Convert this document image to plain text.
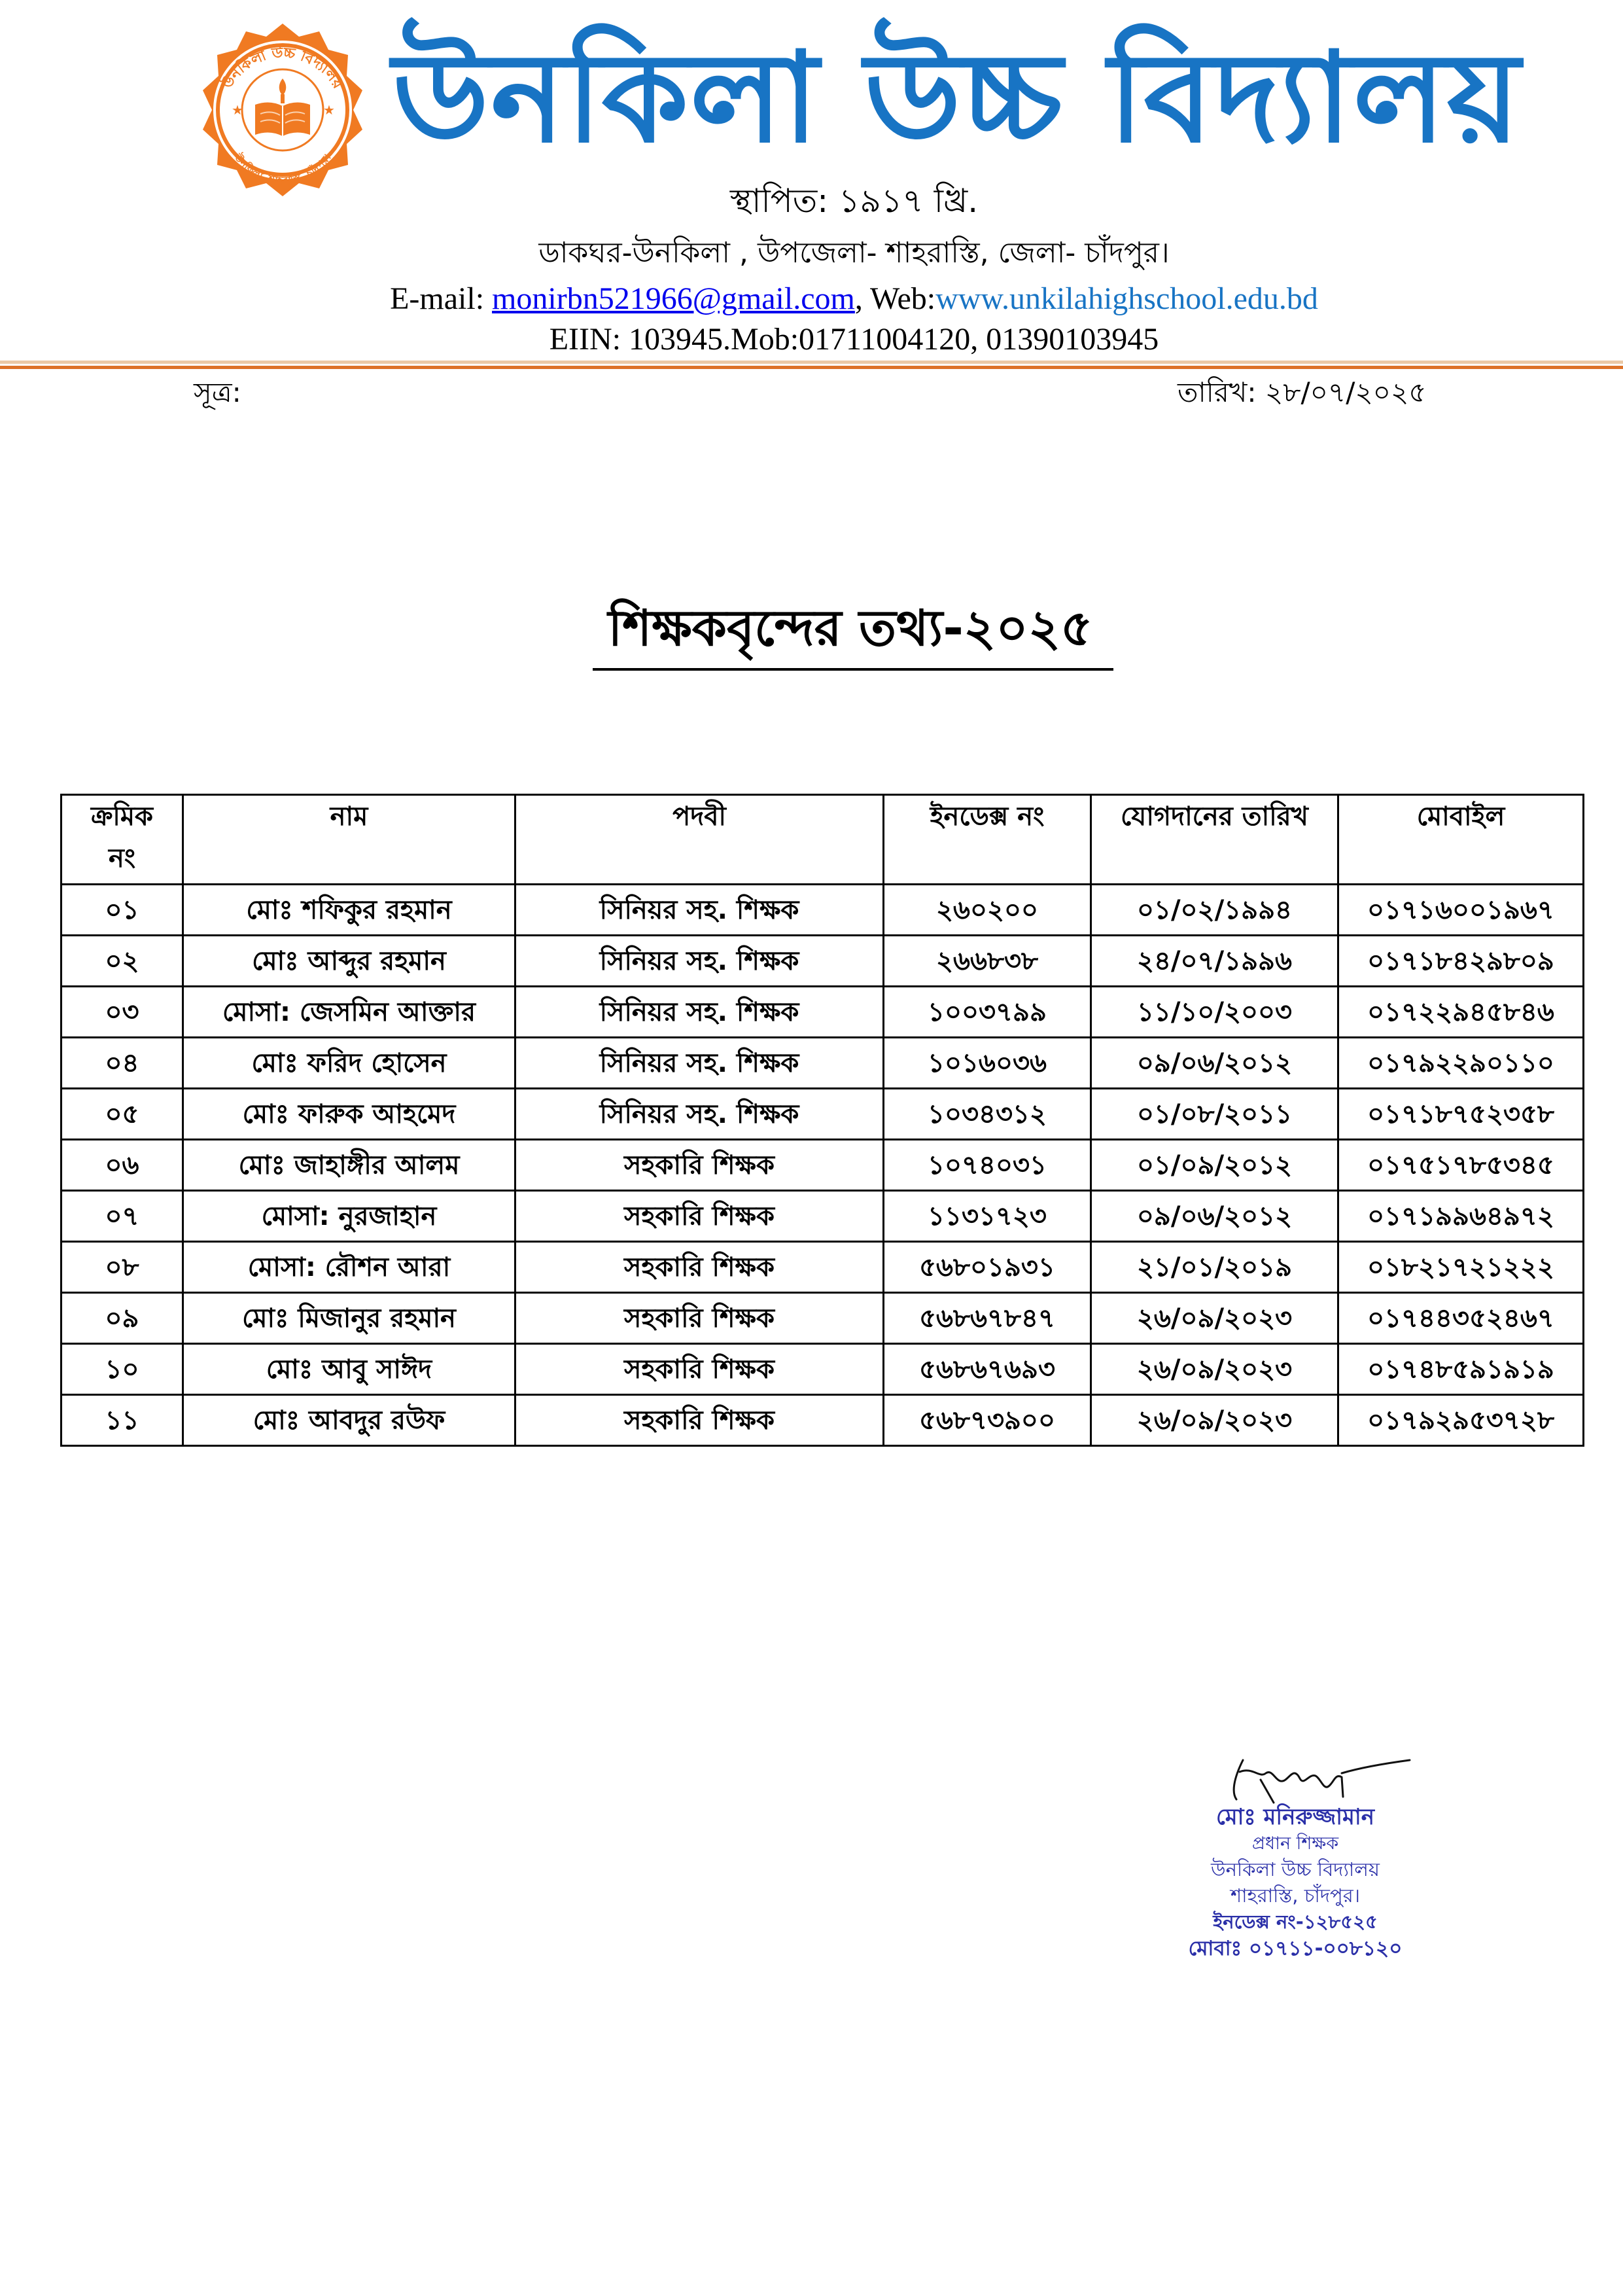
উনকিলা উচ্চ বিদ্যালয়
উনকিলা, শাহরাস্তি, চাঁদপুর।
★	★ উনকিলা উচ্চ বিদ্যালয়
স্থাপিত: ১৯১৭ খ্রি.
ডাকঘর-উনকিলা , উপজেলা- শাহরাস্তি, জেলা- চাঁদপুর।
E-mail: monirbn521966@gmail.com, Web:www.unkilahighschool.edu.bd
EIIN: 103945.Mob:01711004120, 01390103945
সূত্র:	তারিখ: ২৮/০৭/২০২৫
শিক্ষকবৃন্দের তথ্য-২০২৫
ক্রমিক নং	নাম	পদবী	ইনডেক্স নং	যোগদানের তারিখ	মোবাইল
০১	মোঃ শফিকুর রহমান	সিনিয়র সহ. শিক্ষক	২৬০২০০	০১/০২/১৯৯৪	০১৭১৬০০১৯৬৭
০২	মোঃ আব্দুর রহমান	সিনিয়র সহ. শিক্ষক	২৬৬৮৩৮	২৪/০৭/১৯৯৬	০১৭১৮৪২৯৮০৯
০৩	মোসা: জেসমিন আক্তার	সিনিয়র সহ. শিক্ষক	১০০৩৭৯৯	১১/১০/২০০৩	০১৭২২৯৪৫৮৪৬
০৪	মোঃ ফরিদ হোসেন	সিনিয়র সহ. শিক্ষক	১০১৬০৩৬	০৯/০৬/২০১২	০১৭৯২২৯০১১০
০৫	মোঃ ফারুক আহমেদ	সিনিয়র সহ. শিক্ষক	১০৩৪৩১২	০১/০৮/২০১১	০১৭১৮৭৫২৩৫৮
০৬	মোঃ জাহাঙ্গীর আলম	সহকারি শিক্ষক	১০৭৪০৩১	০১/০৯/২০১২	০১৭৫১৭৮৫৩৪৫
০৭	মোসা: নুরজাহান	সহকারি শিক্ষক	১১৩১৭২৩	০৯/০৬/২০১২	০১৭১৯৯৬৪৯৭২
০৮	মোসা: রৌশন আরা	সহকারি শিক্ষক	৫৬৮০১৯৩১	২১/০১/২০১৯	০১৮২১৭২১২২২
০৯	মোঃ মিজানুর রহমান	সহকারি শিক্ষক	৫৬৮৬৭৮৪৭	২৬/০৯/২০২৩	০১৭৪৪৩৫২৪৬৭
১০	মোঃ আবু সাঈদ	সহকারি শিক্ষক	৫৬৮৬৭৬৯৩	২৬/০৯/২০২৩	০১৭৪৮৫৯১৯১৯
১১	মোঃ আবদুর রউফ	সহকারি শিক্ষক	৫৬৮৭৩৯০০	২৬/০৯/২০২৩	০১৭৯২৯৫৩৭২৮
মোঃ মনিরুজ্জামান
প্রধান শিক্ষক
উনকিলা উচ্চ বিদ্যালয়
শাহরাস্তি, চাঁদপুর।
ইনডেক্স নং-১২৮৫২৫
মোবাঃ ০১৭১১-০০৮১২০
